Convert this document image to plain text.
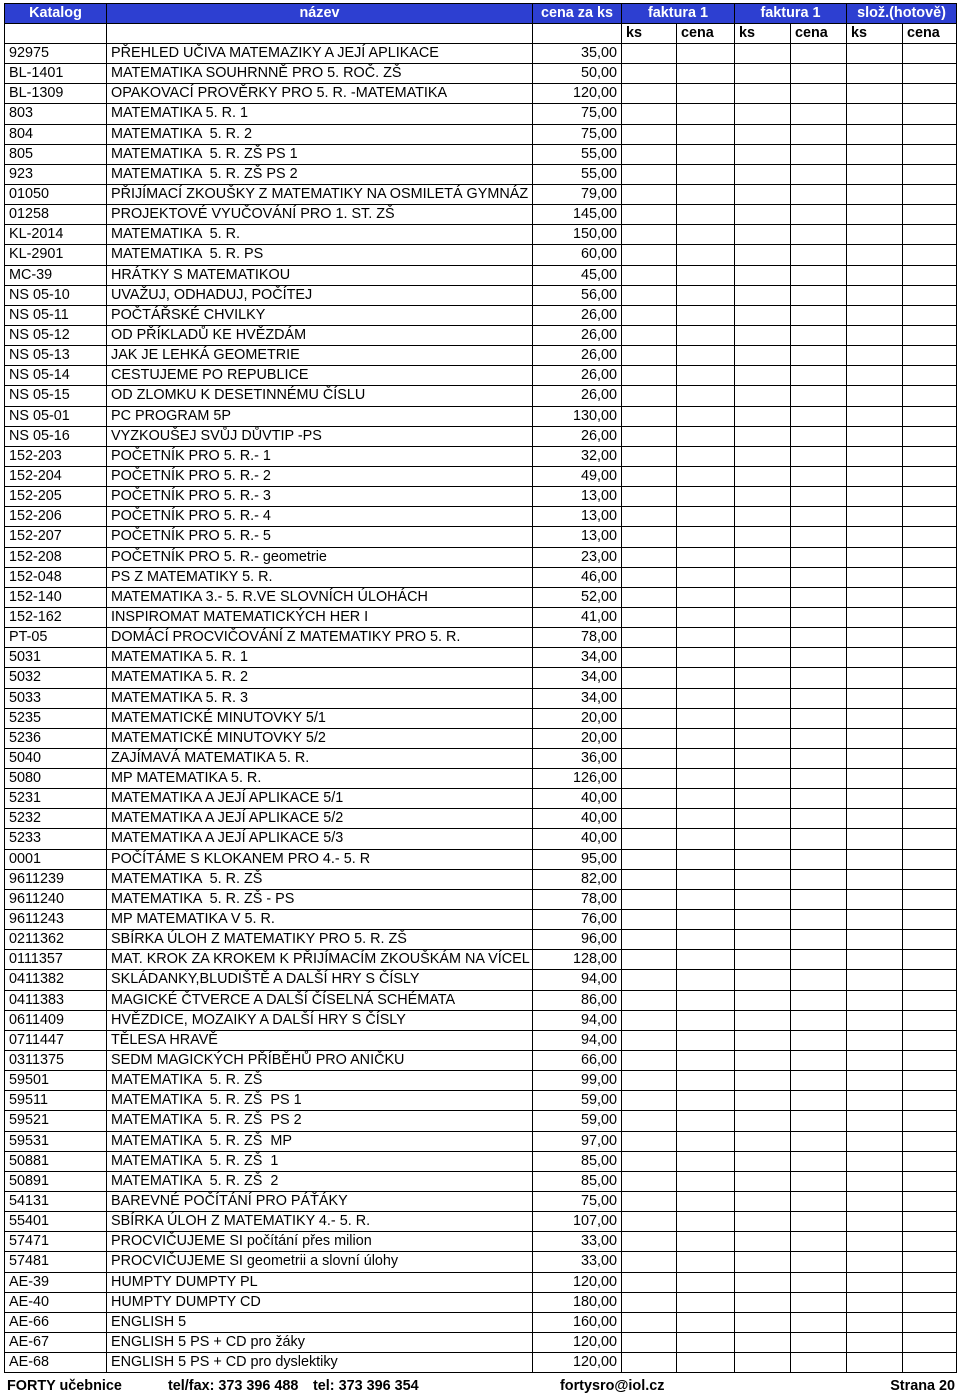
Katalog	název	cena za ks	faktura 1	faktura 1	slož.(hotově)
ks	cena	ks	cena	ks	cena
92975	PŘEHLED UČIVA MATEMAZIKY A JEJÍ APLIKACE	35,00
BL-1401	MATEMATIKA SOUHRNNĚ PRO 5. ROČ. ZŠ	50,00
BL-1309	OPAKOVACÍ PROVĚRKY PRO 5. R. -MATEMATIKA	120,00
803	MATEMATIKA 5. R. 1	75,00
804	MATEMATIKA  5. R. 2	75,00
805	MATEMATIKA  5. R. ZŠ PS 1	55,00
923	MATEMATIKA  5. R. ZŠ PS 2	55,00
01050	PŘIJÍMACÍ ZKOUŠKY Z MATEMATIKY NA OSMILETÁ GYMNÁZ	79,00
01258	PROJEKTOVÉ VYUČOVÁNÍ PRO 1. ST. ZŠ	145,00
KL-2014	MATEMATIKA  5. R.	150,00
KL-2901	MATEMATIKA  5. R. PS	60,00
MC-39	HRÁTKY S MATEMATIKOU	45,00
NS 05-10	UVAŽUJ, ODHADUJ, POČÍTEJ	56,00
NS 05-11	POČTÁŘSKÉ CHVILKY	26,00
NS 05-12	OD PŘÍKLADŮ KE HVĚZDÁM	26,00
NS 05-13	JAK JE LEHKÁ GEOMETRIE	26,00
NS 05-14	CESTUJEME PO REPUBLICE	26,00
NS 05-15	OD ZLOMKU K DESETINNÉMU ČÍSLU	26,00
NS 05-01	PC PROGRAM 5P	130,00
NS 05-16	VYZKOUŠEJ SVŮJ DŮVTIP -PS	26,00
152-203	POČETNÍK PRO 5. R.- 1	32,00
152-204	POČETNÍK PRO 5. R.- 2	49,00
152-205	POČETNÍK PRO 5. R.- 3	13,00
152-206	POČETNÍK PRO 5. R.- 4	13,00
152-207	POČETNÍK PRO 5. R.- 5	13,00
152-208	POČETNÍK PRO 5. R.- geometrie	23,00
152-048	PS Z MATEMATIKY 5. R.	46,00
152-140	MATEMATIKA 3.- 5. R.VE SLOVNÍCH ÚLOHÁCH	52,00
152-162	INSPIROMAT MATEMATICKÝCH HER I	41,00
PT-05	DOMÁCÍ PROCVIČOVÁNÍ Z MATEMATIKY PRO 5. R.	78,00
5031	MATEMATIKA 5. R. 1	34,00
5032	MATEMATIKA 5. R. 2	34,00
5033	MATEMATIKA 5. R. 3	34,00
5235	MATEMATICKÉ MINUTOVKY 5/1	20,00
5236	MATEMATICKÉ MINUTOVKY 5/2	20,00
5040	ZAJÍMAVÁ MATEMATIKA 5. R.	36,00
5080	MP MATEMATIKA 5. R.	126,00
5231	MATEMATIKA A JEJÍ APLIKACE 5/1	40,00
5232	MATEMATIKA A JEJÍ APLIKACE 5/2	40,00
5233	MATEMATIKA A JEJÍ APLIKACE 5/3	40,00
0001	POČÍTÁME S KLOKANEM PRO 4.- 5. R	95,00
9611239	MATEMATIKA  5. R. ZŠ	82,00
9611240	MATEMATIKA  5. R. ZŠ - PS	78,00
9611243	MP MATEMATIKA V 5. R.	76,00
0211362	SBÍRKA ÚLOH Z MATEMATIKY PRO 5. R. ZŠ	96,00
0111357	MAT. KROK ZA KROKEM K PŘIJÍMACÍM ZKOUŠKÁM NA VÍCEL	128,00
0411382	SKLÁDANKY,BLUDIŠTĚ A DALŠÍ HRY S ČÍSLY	94,00
0411383	MAGICKÉ ČTVERCE A DALŠÍ ČÍSELNÁ SCHÉMATA	86,00
0611409	HVĚZDICE, MOZAIKY A DALŠÍ HRY S ČÍSLY	94,00
0711447	TĚLESA HRAVĚ	94,00
0311375	SEDM MAGICKÝCH PŘÍBĚHŮ PRO ANIČKU	66,00
59501	MATEMATIKA  5. R. ZŠ	99,00
59511	MATEMATIKA  5. R. ZŠ  PS 1	59,00
59521	MATEMATIKA  5. R. ZŠ  PS 2	59,00
59531	MATEMATIKA  5. R. ZŠ  MP	97,00
50881	MATEMATIKA  5. R. ZŠ  1	85,00
50891	MATEMATIKA  5. R. ZŠ  2	85,00
54131	BAREVNÉ POČÍTÁNÍ PRO PÁŤÁKY	75,00
55401	SBÍRKA ÚLOH Z MATEMATIKY 4.- 5. R.	107,00
57471	PROCVIČUJEME SI počítání přes milion	33,00
57481	PROCVIČUJEME SI geometrii a slovní úlohy	33,00
AE-39	HUMPTY DUMPTY PL	120,00
AE-40	HUMPTY DUMPTY CD	180,00
AE-66	ENGLISH 5	160,00
AE-67	ENGLISH 5 PS + CD pro žáky	120,00
AE-68	ENGLISH 5 PS + CD pro dyslektiky	120,00
FORTY učebnice	tel/fax: 373 396 488 tel: 373 396 354	fortysro@iol.cz	Strana 20
